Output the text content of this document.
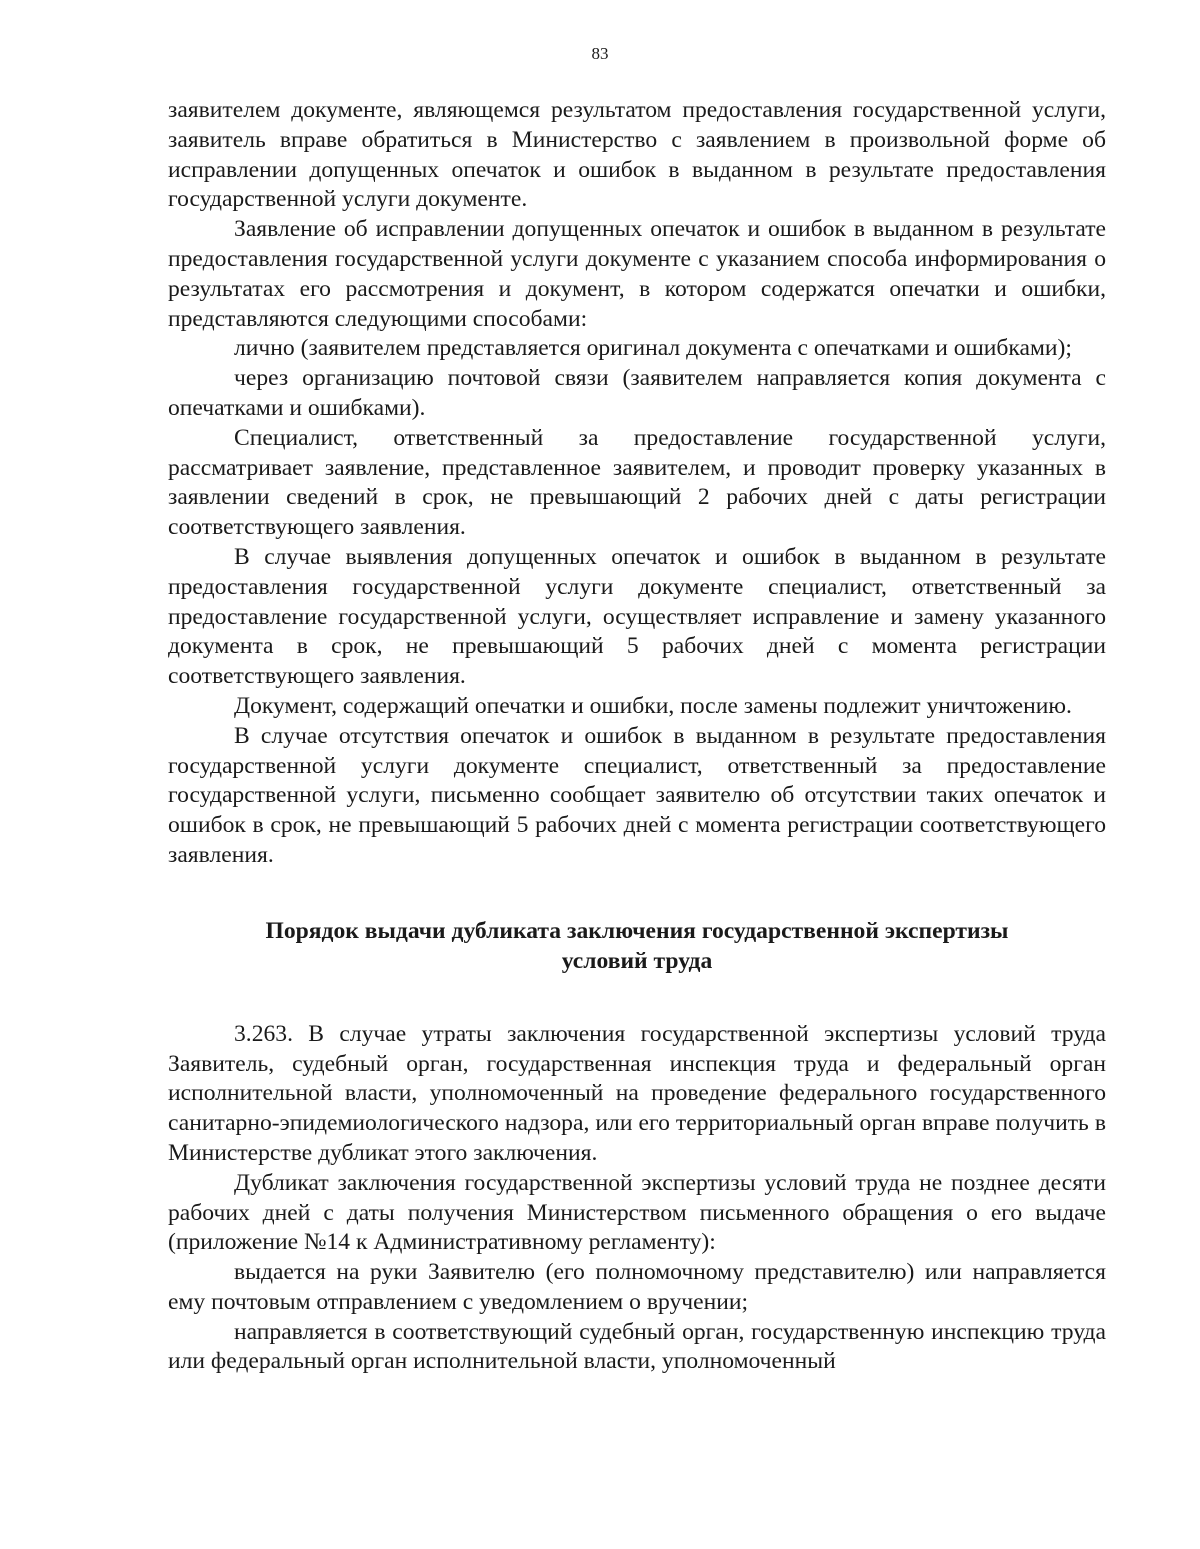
83

заявителем документе, являющемся результатом предоставления государственной услуги, заявитель вправе обратиться в Министерство с заявлением в произвольной форме об исправлении допущенных опечаток и ошибок в выданном в результате предоставления государственной услуги документе.

Заявление об исправлении допущенных опечаток и ошибок в выданном в результате предоставления государственной услуги документе с указанием способа информирования о результатах его рассмотрения и документ, в котором содержатся опечатки и ошибки, представляются следующими способами:

лично (заявителем представляется оригинал документа с опечатками и ошибками);

через организацию почтовой связи (заявителем направляется копия документа с опечатками и ошибками).

Специалист, ответственный за предоставление государственной услуги, рассматривает заявление, представленное заявителем, и проводит проверку указанных в заявлении сведений в срок, не превышающий 2 рабочих дней с даты регистрации соответствующего заявления.

В случае выявления допущенных опечаток и ошибок в выданном в результате предоставления государственной услуги документе специалист, ответственный за предоставление государственной услуги, осуществляет исправление и замену указанного документа в срок, не превышающий 5 рабочих дней с момента регистрации соответствующего заявления.

Документ, содержащий опечатки и ошибки, после замены подлежит уничтожению.

В случае отсутствия опечаток и ошибок в выданном в результате предоставления государственной услуги документе специалист, ответственный за предоставление государственной услуги, письменно сообщает заявителю об отсутствии таких опечаток и ошибок в срок, не превышающий 5 рабочих дней с момента регистрации соответствующего заявления.

Порядок выдачи дубликата заключения государственной экспертизы
условий труда

3.263. В случае утраты заключения государственной экспертизы условий труда Заявитель, судебный орган, государственная инспекция труда и федеральный орган исполнительной власти, уполномоченный на проведение федерального государственного санитарно-эпидемиологического надзора, или его территориальный орган вправе получить в Министерстве дубликат этого заключения.

Дубликат заключения государственной экспертизы условий труда не позднее десяти рабочих дней с даты получения Министерством письменного обращения о его выдаче (приложение №14 к Административному регламенту):

выдается на руки Заявителю (его полномочному представителю) или направляется ему почтовым отправлением с уведомлением о вручении;

направляется в соответствующий судебный орган, государственную инспекцию труда или федеральный орган исполнительной власти, уполномоченный
